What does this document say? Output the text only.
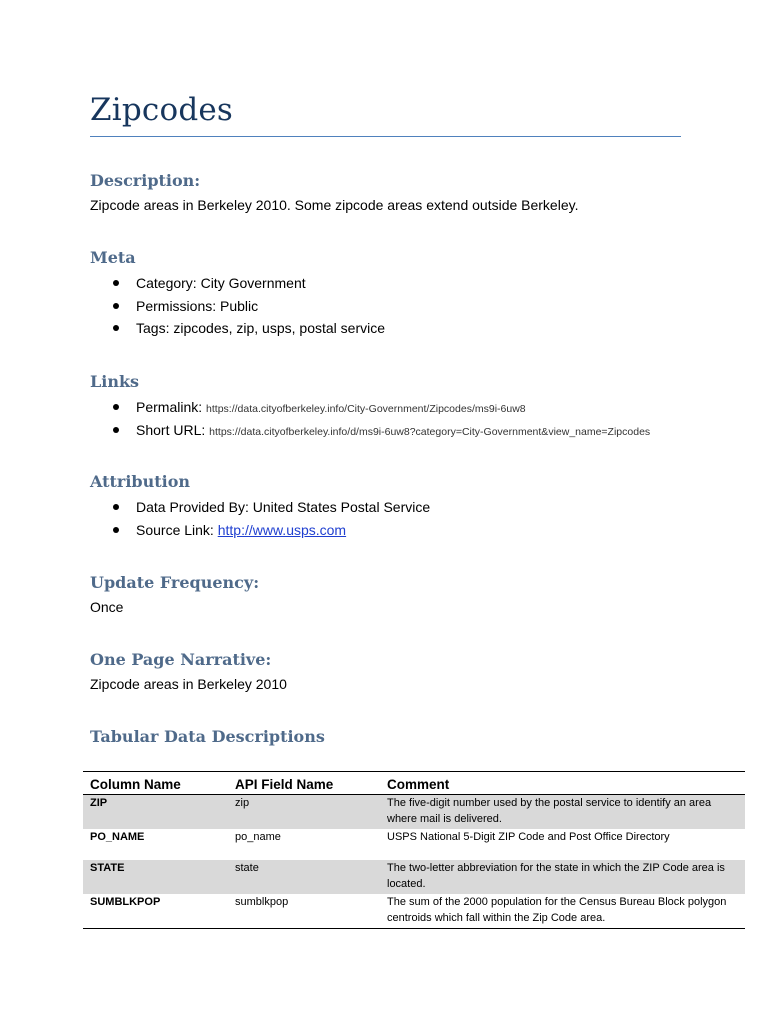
Zipcodes
Description:
Zipcode areas in Berkeley 2010. Some zipcode areas extend outside Berkeley.
Meta
Category: City Government
Permissions: Public
Tags: zipcodes, zip, usps, postal service
Links
Permalink: https://data.cityofberkeley.info/City-Government/Zipcodes/ms9i-6uw8
Short URL: https://data.cityofberkeley.info/d/ms9i-6uw8?category=City-Government&view_name=Zipcodes
Attribution
Data Provided By: United States Postal Service
Source Link: http://www.usps.com
Update Frequency:
Once
One Page Narrative:
Zipcode areas in Berkeley 2010
Tabular Data Descriptions
Column Name	API Field Name	Comment
ZIP	zip	The five-digit number used by the postal service to identify an area where mail is delivered.
PO_NAME	po_name	USPS National 5-Digit ZIP Code and Post Office Directory
STATE	state	The two-letter abbreviation for the state in which the ZIP Code area is located.
SUMBLKPOP	sumblkpop	The sum of the 2000 population for the Census Bureau Block polygon centroids which fall within the Zip Code area.
